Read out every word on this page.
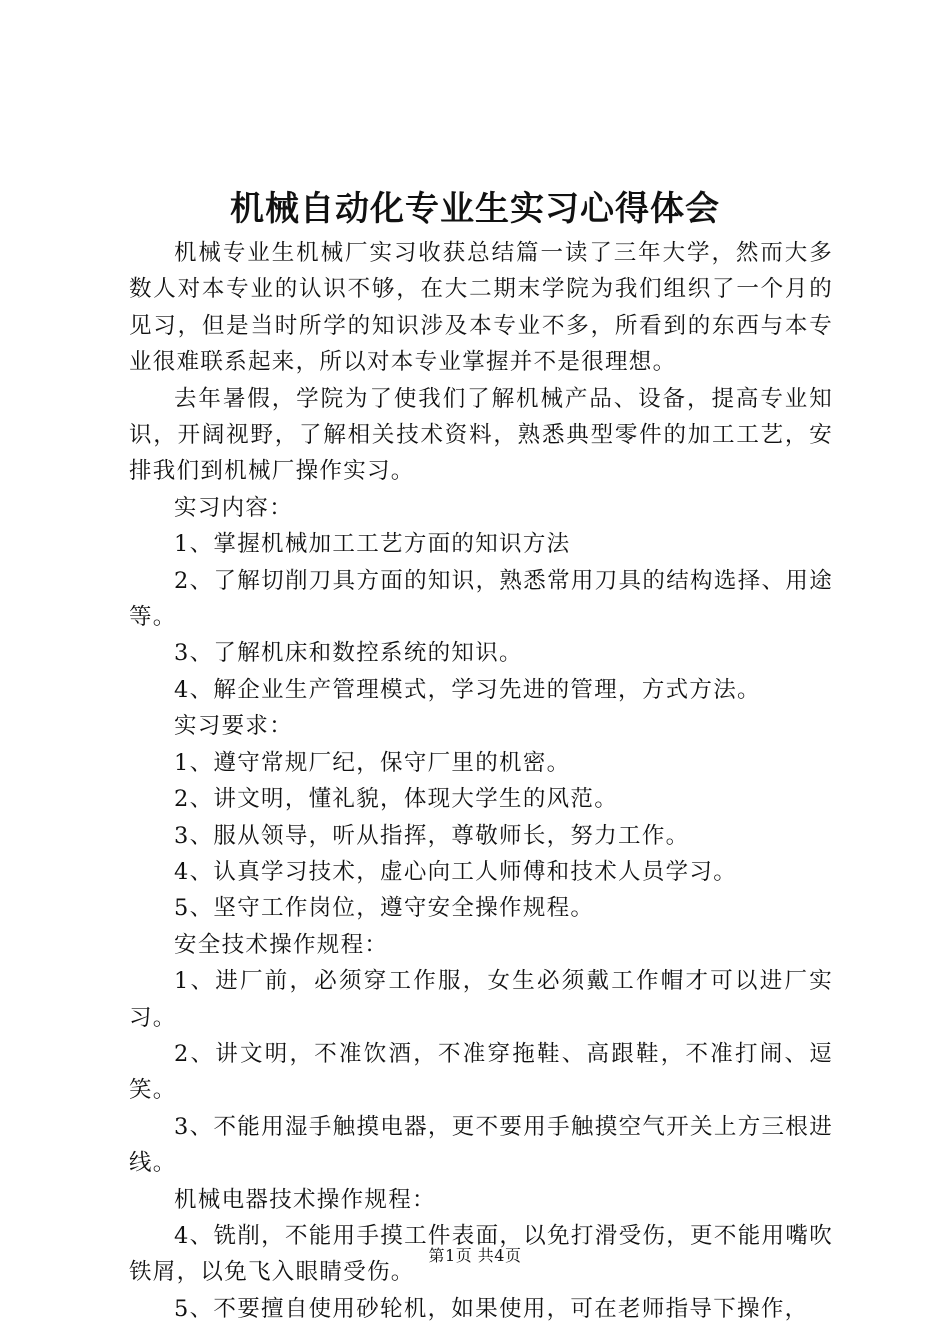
机械自动化专业生实习心得体会

机械专业生机械厂实习收获总结篇一读了三年大学，然而大多数人对本专业的认识不够，在大二期末学院为我们组织了一个月的见习，但是当时所学的知识涉及本专业不多，所看到的东西与本专业很难联系起来，所以对本专业掌握并不是很理想。

去年暑假，学院为了使我们了解机械产品、设备，提高专业知识，开阔视野，了解相关技术资料，熟悉典型零件的加工工艺，安排我们到机械厂操作实习。

实习内容：

1、掌握机械加工工艺方面的知识方法

2、了解切削刀具方面的知识，熟悉常用刀具的结构选择、用途等。

3、了解机床和数控系统的知识。

4、解企业生产管理模式，学习先进的管理，方式方法。

实习要求：

1、遵守常规厂纪，保守厂里的机密。

2、讲文明，懂礼貌，体现大学生的风范。

3、服从领导，听从指挥，尊敬师长，努力工作。

4、认真学习技术，虚心向工人师傅和技术人员学习。

5、坚守工作岗位，遵守安全操作规程。

安全技术操作规程：

1、进厂前，必须穿工作服，女生必须戴工作帽才可以进厂实习。

2、讲文明，不准饮酒，不准穿拖鞋、高跟鞋，不准打闹、逗笑。

3、不能用湿手触摸电器，更不要用手触摸空气开关上方三根进线。

机械电器技术操作规程：

4、铣削，不能用手摸工件表面，以免打滑受伤，更不能用嘴吹铁屑，以免飞入眼睛受伤。

5、不要擅自使用砂轮机，如果使用，可在老师指导下操作，

第1页 共4页
